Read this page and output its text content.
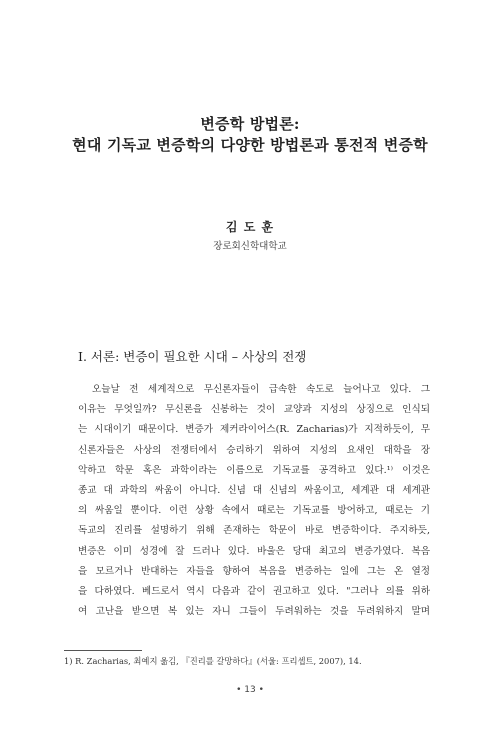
변증학 방법론:
현대 기독교 변증학의 다양한 방법론과 통전적 변증학
김 도 훈
장로회신학대학교
I. 서론: 변증이 필요한 시대 – 사상의 전쟁
오늘날 전 세계적으로 무신론자들이 급속한 속도로 늘어나고 있다. 그
이유는 무엇일까? 무신론을 신봉하는 것이 교양과 지성의 상징으로 인식되
는 시대이기 때문이다. 변증가 제커라이어스(R. Zacharias)가 지적하듯이, 무
신론자들은 사상의 전쟁터에서 승리하기 위하여 지성의 요새인 대학을 장
악하고 학문 혹은 과학이라는 이름으로 기독교를 공격하고 있다.¹⁾ 이것은
종교 대 과학의 싸움이 아니다. 신념 대 신념의 싸움이고, 세계관 대 세계관
의 싸움일 뿐이다. 이런 상황 속에서 때로는 기독교를 방어하고, 때로는 기
독교의 진리를 설명하기 위해 존재하는 학문이 바로 변증학이다. 주지하듯,
변증은 이미 성경에 잘 드러나 있다. 바울은 당대 최고의 변증가였다. 복음
을 모르거나 반대하는 자들을 향하여 복음을 변증하는 일에 그는 온 열정
을 다하였다. 베드로서 역시 다음과 같이 권고하고 있다. "그러나 의를 위하
여 고난을 받으면 복 있는 자니 그들이 두려워하는 것을 두려워하지 말며
1) R. Zacharias, 최예지 옮김, 『진리를 갈망하다』(서울: 프리셉트, 2007), 14.
• 13 •
